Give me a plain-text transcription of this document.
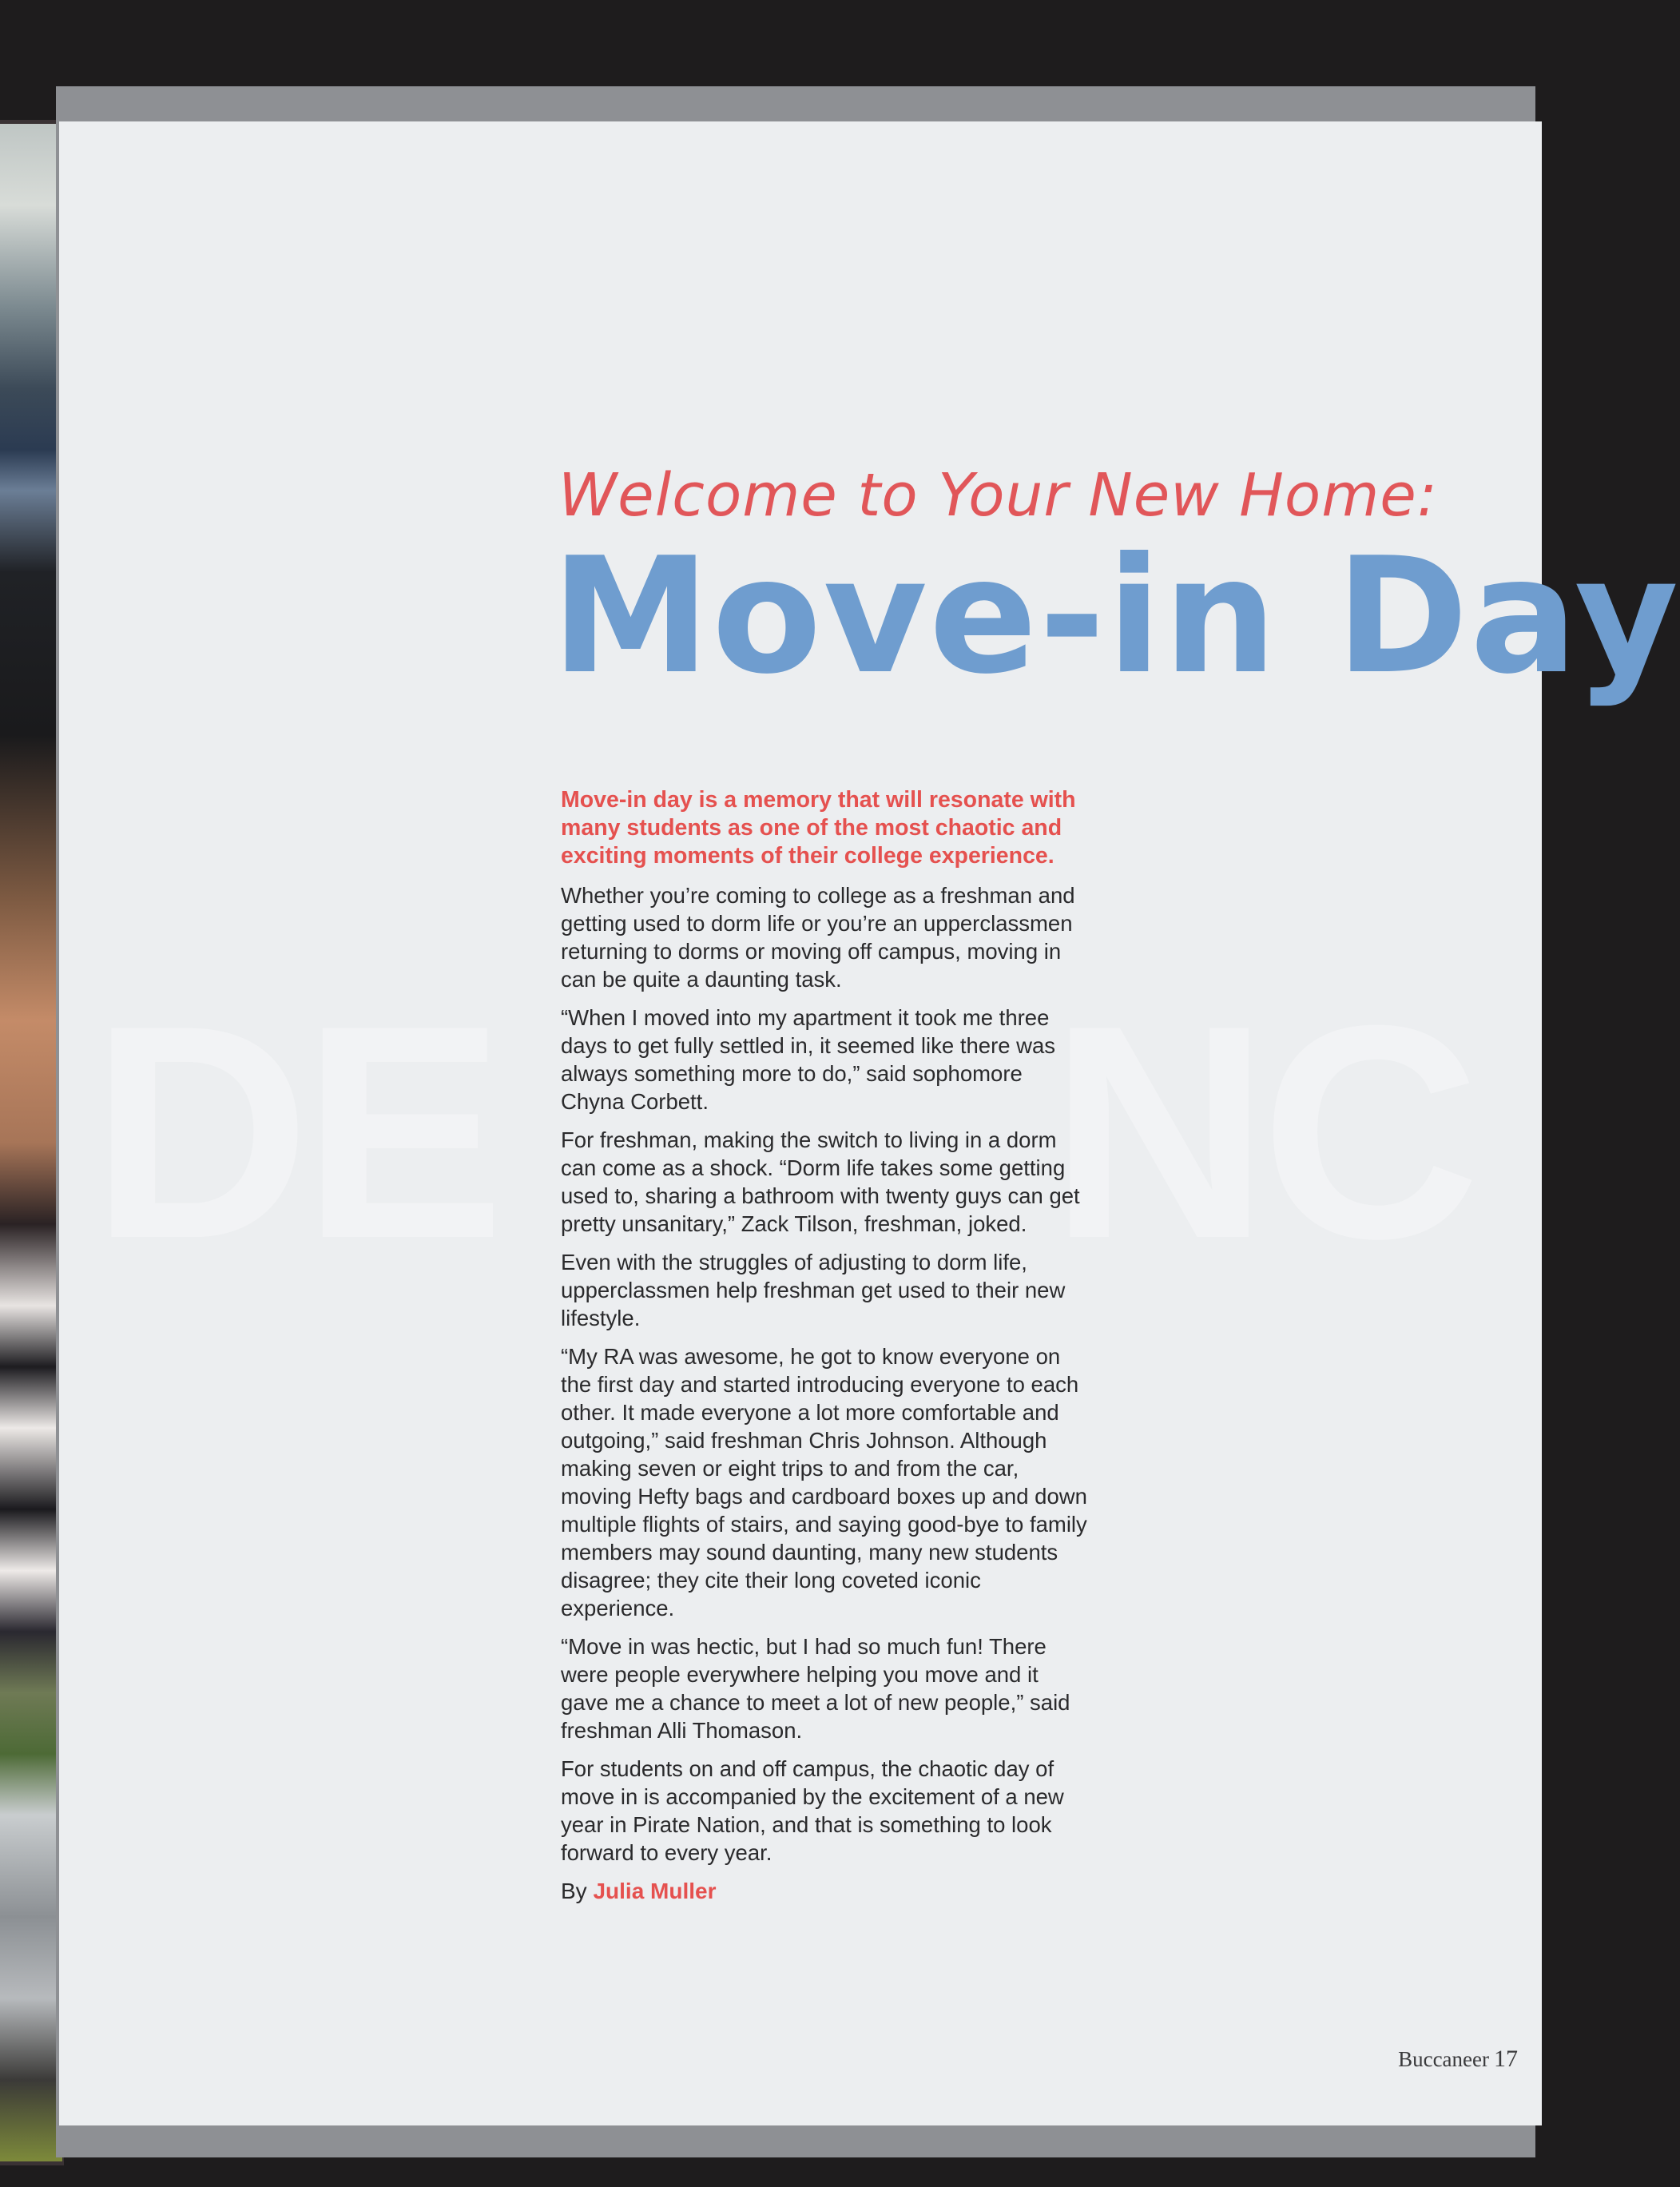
DE NC
Welcome to Your New Home:
Move-in Day

Move-in day is a memory that will resonate with many students as one of the most chaotic and exciting moments of their college experience.

Whether you’re coming to college as a freshman and getting used to dorm life or you’re an upperclassmen returning to dorms or moving off campus, moving in can be quite a daunting task.

“When I moved into my apartment it took me three days to get fully settled in, it seemed like there was always something more to do,” said sophomore Chyna Corbett.

For freshman, making the switch to living in a dorm can come as a shock. “Dorm life takes some getting used to, sharing a bathroom with twenty guys can get pretty unsanitary,” Zack Tilson, freshman, joked.

Even with the struggles of adjusting to dorm life, upperclassmen help freshman get used to their new lifestyle.

“My RA was awesome, he got to know everyone on the first day and started introducing everyone to each other. It made everyone a lot more comfortable and outgoing,” said freshman Chris Johnson. Although making seven or eight trips to and from the car, moving Hefty bags and cardboard boxes up and down multiple flights of stairs, and saying good-bye to family members may sound daunting, many new students disagree; they cite their long coveted iconic experience.

“Move in was hectic, but I had so much fun! There were people everywhere helping you move and it gave me a chance to meet a lot of new people,” said freshman Alli Thomason.

For students on and off campus, the chaotic day of move in is accompanied by the excitement of a new year in Pirate Nation, and that is something to look forward to every year.

By Julia Muller
Buccaneer 17
